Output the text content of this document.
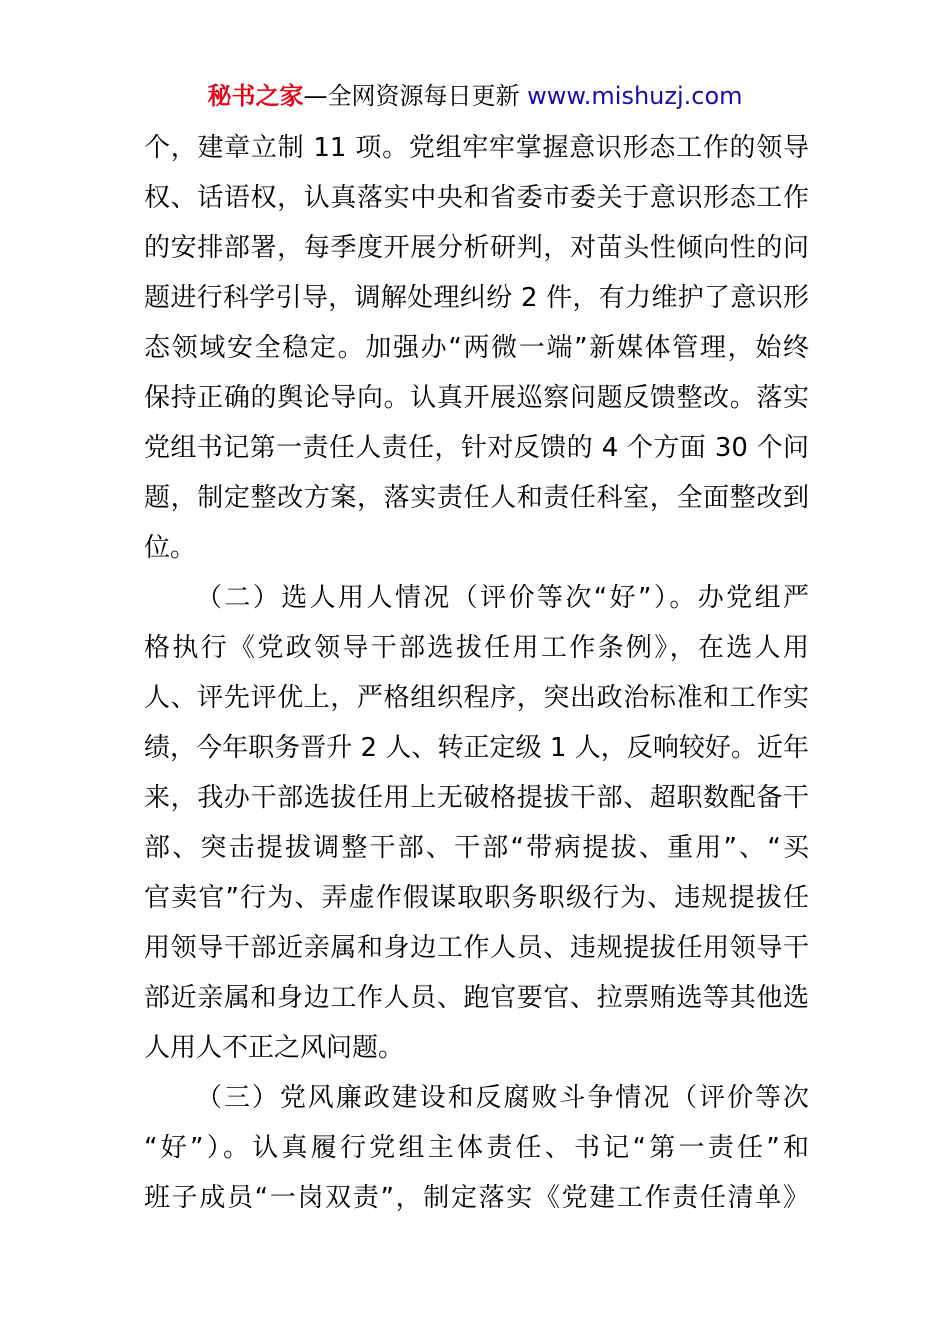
秘书之家—全网资源每日更新 www.mishuzj.com
个，建章立制 11 项。党组牢牢掌握意识形态工作的领导
权、话语权，认真落实中央和省委市委关于意识形态工作
的安排部署，每季度开展分析研判，对苗头性倾向性的问
题进行科学引导，调解处理纠纷 2 件，有力维护了意识形
态领域安全稳定。加强办“两微一端”新媒体管理，始终
保持正确的舆论导向。认真开展巡察问题反馈整改。落实
党组书记第一责任人责任，针对反馈的 4 个方面 30 个问
题，制定整改方案，落实责任人和责任科室，全面整改到
位。
（二）选人用人情况（评价等次“好”）。办党组严
格执行《党政领导干部选拔任用工作条例》，在选人用
人、评先评优上，严格组织程序，突出政治标准和工作实
绩，今年职务晋升 2 人、转正定级 1 人，反响较好。近年
来，我办干部选拔任用上无破格提拔干部、超职数配备干
部、突击提拔调整干部、干部“带病提拔、重用”、“买
官卖官”行为、弄虚作假谋取职务职级行为、违规提拔任
用领导干部近亲属和身边工作人员、违规提拔任用领导干
部近亲属和身边工作人员、跑官要官、拉票贿选等其他选
人用人不正之风问题。
（三）党风廉政建设和反腐败斗争情况（评价等次
“好”）。认真履行党组主体责任、书记“第一责任”和
班子成员“一岗双责”，制定落实《党建工作责任清单》
